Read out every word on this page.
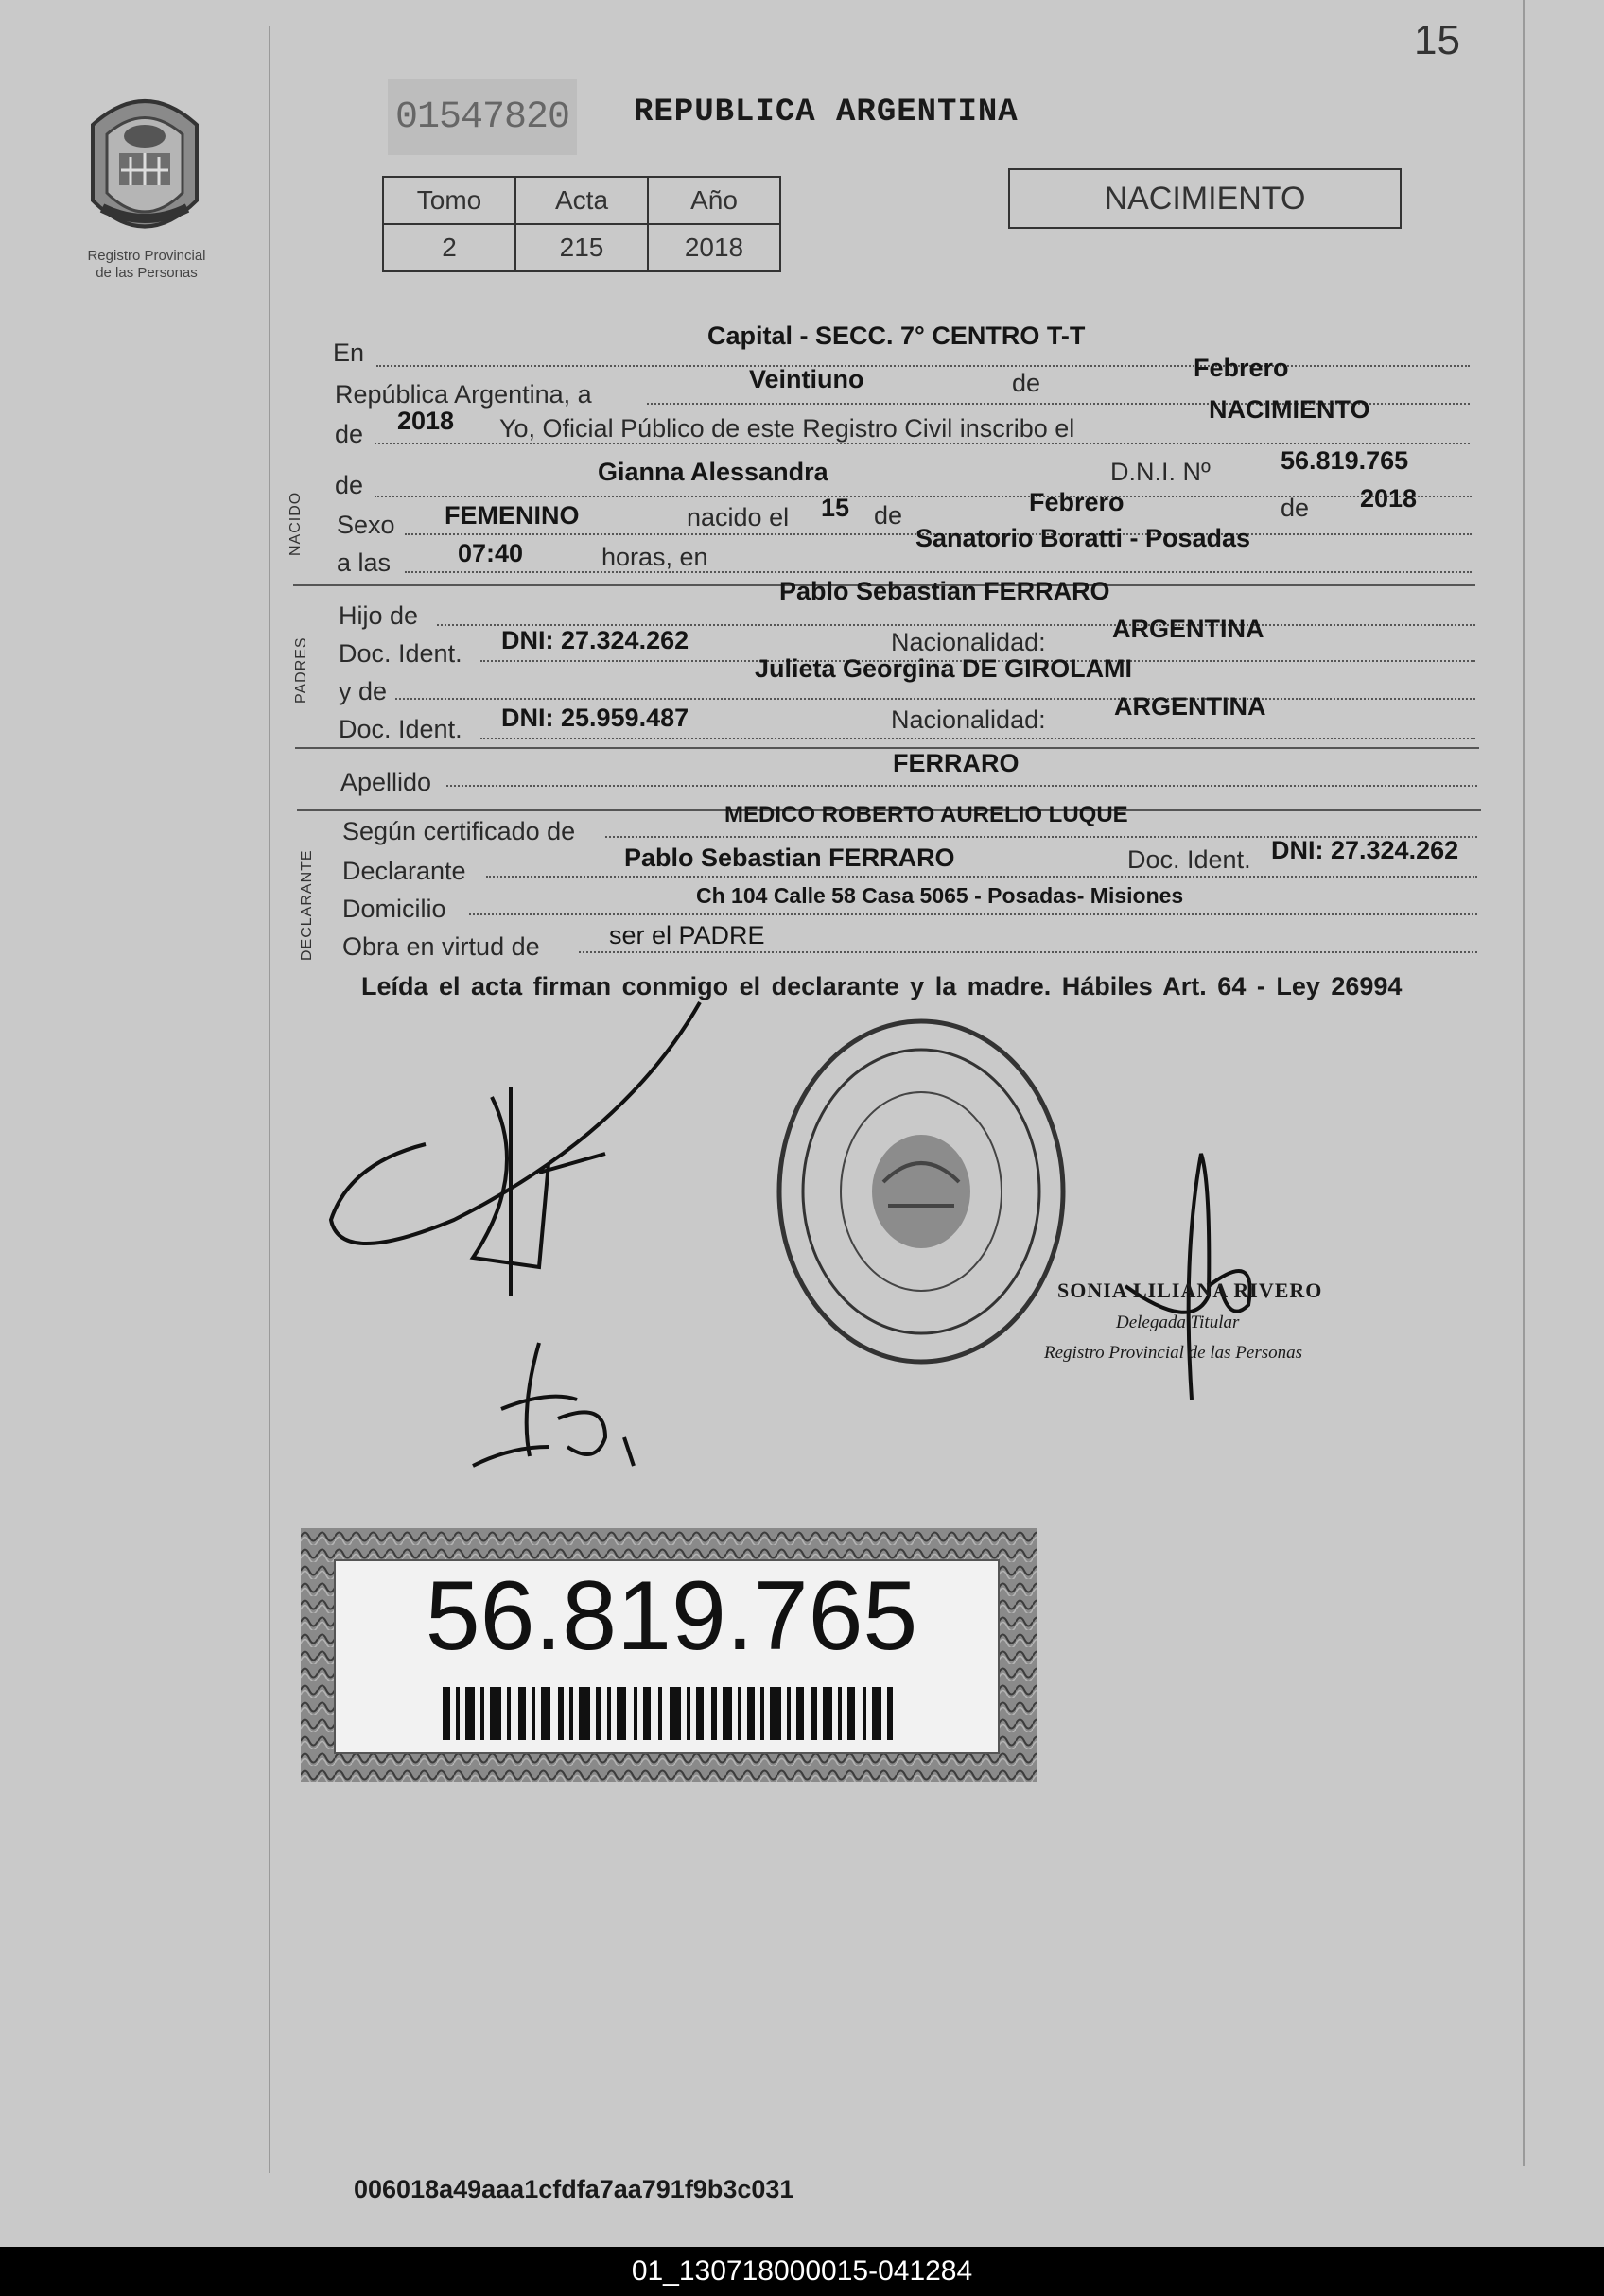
15
Registro Provincial
de las Personas
01547820 REPUBLICA ARGENTINA
Tomo	Acta	Año
2	215	2018
NACIMIENTO
NACIDO
PADRES
DECLARANTE
En
Capital - SECC. 7° CENTRO T-T
República Argentina, a
Veintiuno	de
Febrero
de 2018 Yo, Oficial Público de este Registro Civil inscribo el
NACIMIENTO
de	Gianna Alessandra	D.N.I. Nº	56.819.765
Sexo FEMENINO	nacido el 15 de	Febrero	de 2018
a las	07:40	horas, en
Sanatorio Boratti - Posadas
Hijo de
Pablo Sebastian FERRARO
Doc. Ident. DNI: 27.324.262	Nacionalidad:	ARGENTINA
y de
Julieta Georgina DE GIROLAMI
Doc. Ident. DNI: 25.959.487	Nacionalidad:	ARGENTINA
Apellido
FERRARO
Según certificado de
MEDICO ROBERTO AURELIO LUQUE
Declarante	Pablo Sebastian FERRARO	Doc. Ident. DNI: 27.324.262
Domicilio	Ch 104 Calle 58 Casa 5065 - Posadas- Misiones
Obra en virtud de	ser el PADRE
Leída el acta firman conmigo el declarante y la madre. Hábiles Art. 64 - Ley 26994
SONIA LILIANA RIVERO
Delegada Titular
Registro Provincial de las Personas
56.819.765
006018a49aaa1cfdfa7aa791f9b3c031
01_130718000015-041284
